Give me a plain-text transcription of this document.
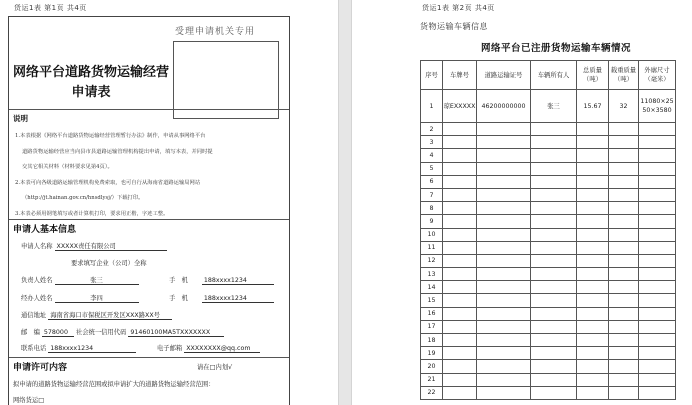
货运1表 第1页 共4页
受理申请机关专用
网络平台道路货物运输经营
申请表
说明
1.本表根据《网络平台道路货物运输经营管理暂行办法》制作，申请从事网络平台
道路货物运输经营应当向县市县道路运输管理机构提出申请，填写本表，并同时提
交其它相关材料（材料要求见第4页）。
2.本表可向各级道路运输管理机构免费索取，也可自行从海南省道路运输局网站
（http://jt.hainan.gov.cn/hnsdlysj/）下载打印。
3.本表必须用钢笔填写或者计算机打印，要求用正楷，字迹工整。
申请人基本信息
申请人名称 XXXXX责任有限公司
要求填写企业（公司）全称
负责人姓名	张三	手　机	188xxxx1234
经办人姓名	李四	手　机	188xxxx1234
通信地址 海南省海口市保税区开发区XXX路XX号
邮　编 578000 社会统一信用代码 91460100MA5TXXXXXXX
联系电话 188xxxx1234	电子邮箱 XXXXXXXX@qq.com
申请许可内容	请在□内划√
拟申请的道路货物运输经营范围或拟申请扩大的道路货物运输经营范围：
网络货运□
货运1表 第2页 共4页
货物运输车辆信息
网络平台已注册货物运输车辆情况
序号	车牌号	道路运输证号	车辆所有人	总质量（吨）	载重质量（吨）	外廓尺寸（毫米）
1	琼EXXXXX	46200000000	张三	15.67	32	11080×2550×3580
2						
3						
4						
5						
6						
7						
8						
9						
10						
11						
12						
13						
14						
15						
16						
17						
18						
19						
20						
21						
22						
